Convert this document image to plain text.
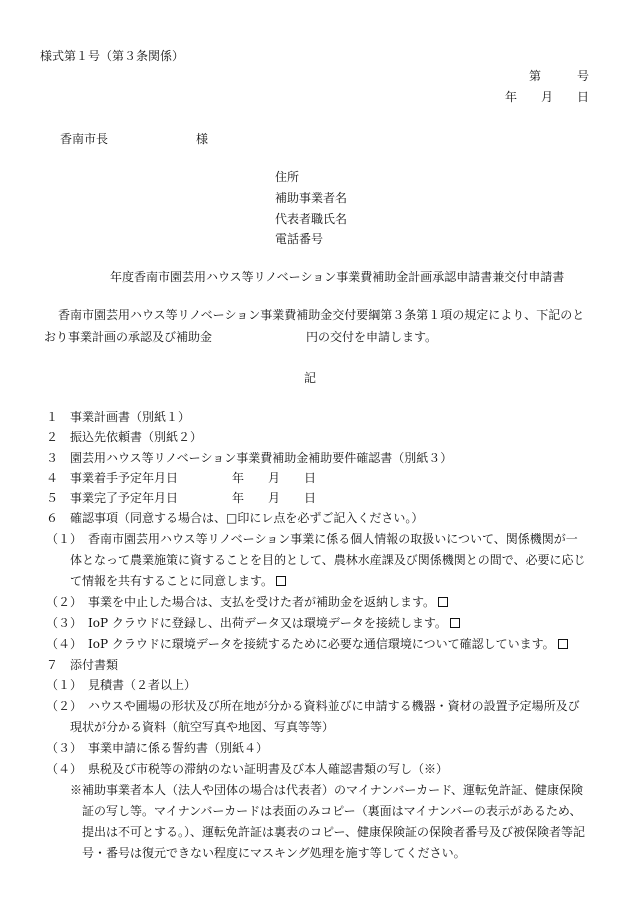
様式第１号（第３条関係）
第　　　号
年　　月　　日
香南市長	様
住所
補助事業者名
代表者職氏名
電話番号
年度香南市園芸用ハウス等リノベーション事業費補助金計画承認申請書兼交付申請書
香南市園芸用ハウス等リノベーション事業費補助金交付要綱第３条第１項の規定により、下記のと
おり事業計画の承認及び補助金	円の交付を申請します。
記
１　事業計画書（別紙１）
２　振込先依頼書（別紙２）
３　園芸用ハウス等リノベーション事業費補助金補助要件確認書（別紙３）
４　事業着手予定年月日	年　　月　　日
５　事業完了予定年月日	年　　月　　日
６　確認事項（同意する場合は、□印にレ点を必ずご記入ください。）
（１）　香南市園芸用ハウス等リノベーション事業に係る個人情報の取扱いについて、関係機関が一
体となって農業施策に資することを目的として、農林水産課及び関係機関との間で、必要に応じ
て情報を共有することに同意します。
（２）　事業を中止した場合は、支払を受けた者が補助金を返納します。
（３）　IoP クラウドに登録し、出荷データ又は環境データを接続します。
（４）　IoP クラウドに環境データを接続するために必要な通信環境について確認しています。
７　添付書類
（１）　見積書（２者以上）
（２）　ハウスや圃場の形状及び所在地が分かる資料並びに申請する機器・資材の設置予定場所及び
現状が分かる資料（航空写真や地図、写真等等）
（３）　事業申請に係る誓約書（別紙４）
（４）　県税及び市税等の滞納のない証明書及び本人確認書類の写し（※）
※補助事業者本人（法人や団体の場合は代表者）のマイナンバーカード、運転免許証、健康保険
証の写し等。マイナンバーカードは表面のみコピー（裏面はマイナンバーの表示があるため、
提出は不可とする。）、運転免許証は裏表のコピー、健康保険証の保険者番号及び被保険者等記
号・番号は復元できない程度にマスキング処理を施す等してください。
